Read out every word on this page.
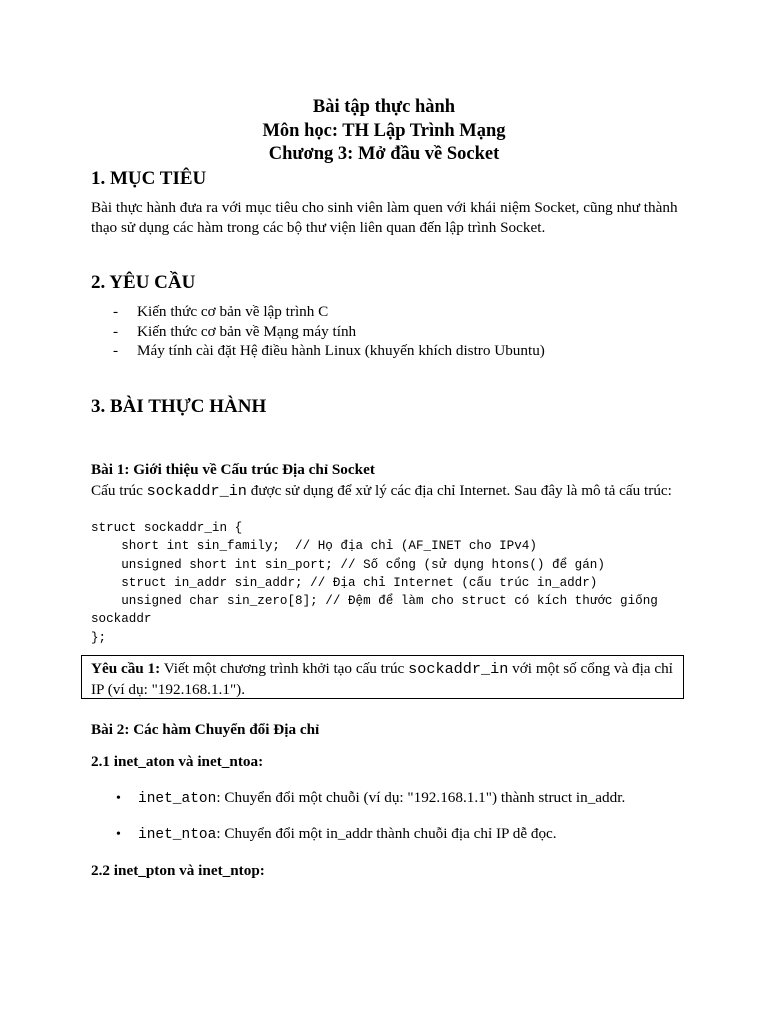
Bài tập thực hành
Môn học: TH Lập Trình Mạng
Chương 3: Mở đầu về Socket
1. MỤC TIÊU
Bài thực hành đưa ra với mục tiêu cho sinh viên làm quen với khái niệm Socket, cũng như thành thạo sử dụng các hàm trong các bộ thư viện liên quan đến lập trình Socket.
2. YÊU CẦU
- Kiến thức cơ bản về lập trình C
- Kiến thức cơ bản về Mạng máy tính
- Máy tính cài đặt Hệ điều hành Linux (khuyến khích distro Ubuntu)
3. BÀI THỰC HÀNH
Bài 1: Giới thiệu về Cấu trúc Địa chỉ Socket
Cấu trúc sockaddr_in được sử dụng để xử lý các địa chỉ Internet. Sau đây là mô tả cấu trúc:
struct sockaddr_in {
short int sin_family;  // Họ địa chỉ (AF_INET cho IPv4)
unsigned short int sin_port; // Số cổng (sử dụng htons() để gán)
struct in_addr sin_addr; // Địa chỉ Internet (cấu trúc in_addr)
unsigned char sin_zero[8]; // Đệm để làm cho struct có kích thước giống
sockaddr
};
Yêu cầu 1: Viết một chương trình khởi tạo cấu trúc sockaddr_in với một số cổng và địa chỉ IP (ví dụ: "192.168.1.1").
Bài 2: Các hàm Chuyển đổi Địa chỉ
2.1 inet_aton và inet_ntoa:
• inet_aton: Chuyển đổi một chuỗi (ví dụ: "192.168.1.1") thành struct in_addr.
• inet_ntoa: Chuyển đổi một in_addr thành chuỗi địa chỉ IP dễ đọc.
2.2 inet_pton và inet_ntop:
